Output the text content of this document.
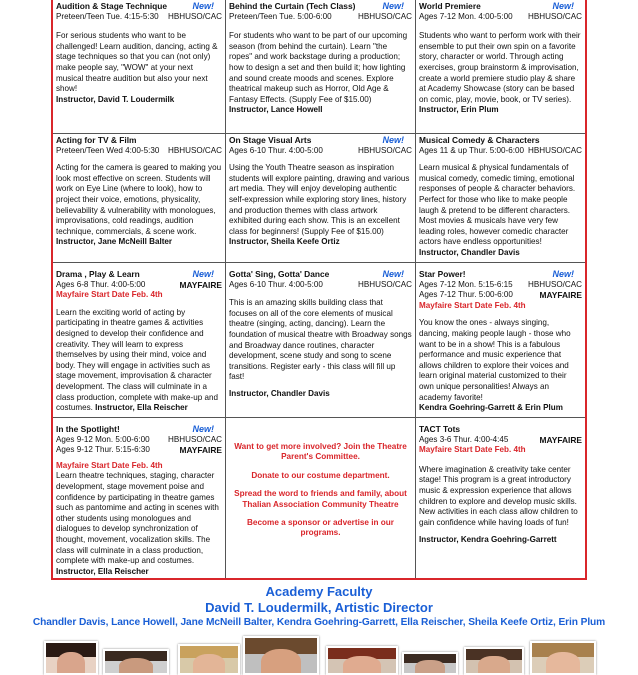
New!
Audition & Stage Technique
Preteen/Teen Tue. 4:15-5:30 HBHUSO/CAC
For serious students who want to be challenged! Learn audition, dancing, acting & stage techniques so that you can (not only) make people say, "WOW" at your next musical theatre audition but also your next show!
Instructor, David T. Loudermilk
New!
Behind the Curtain (Tech Class)
Preteen/Teen Tue. 5:00-6:00	HBHUSO/CAC
For students who want to be part of our upcoming season (from behind the curtain). Learn "the ropes" and work backstage during a production; how to design a set and then build it; how lighting and sound create moods and scenes. Explore theatrical makeup such as Horror, Old Age & Fantasy Effects. (Supply Fee of $15.00)
Instructor, Lance Howell
New!
World Premiere
Ages 7-12 Mon. 4:00-5:00 HBHUSO/CAC
Students who want to perform work with their ensemble to put their own spin on a favorite story, character or world. Through acting exercises, group brainstorm & improvisation, create a world premiere studio play & share at Academy Showcase (story can be based on comic, play, movie, book, or TV series).
Instructor, Erin Plum
Acting for TV & Film
Preteen/Teen Wed 4:00-5:30 HBHUSO/CAC
Acting for the camera is geared to making you look most effective on screen. Students will work on Eye Line (where to look), how to project their voice, emotions, physicality, believability & vulnerability with monologues, improvisations, cold readings, audition technique, commercials, & scene work.
Instructor, Jane McNeill Balter
New!
On Stage Visual Arts
Ages 6-10 Thur. 4:00-5:00	HBHUSO/CAC
Using the Youth Theatre season as inspiration students will explore painting, drawing and various art media. They will enjoy developing authentic self-expression while exploring story lines, history and production themes with class artwork exhibited during each show. This is an excellent class for beginners! (Supply Fee of $15.00)
Instructor, Sheila Keefe Ortiz
Musical Comedy & Characters
Ages 11 & up Thur. 5:00-6:00 HBHUSO/CAC
Learn musical & physical fundamentals of musical comedy, comedic timing, emotional responses of people & character behaviors. Perfect for those who like to make people laugh & pretend to be different characters. Most movies & musicals have very few leading roles, however comedic character actors have endless opportunities!
Instructor, Chandler Davis
New!
Drama , Play & Learn
Ages 6-8 Thur. 4:00-5:00	MAYFAIRE
Mayfaire Start Date Feb. 4th
Learn the exciting world of acting by participating in theatre games & activities designed to develop their confidence and creativity. They will learn to express themselves by using their mind, voice and body. They will engage in activities such as stage movement, improvisation & character development. The class will culminate in a class production, complete with make-up and costumes. Instructor, Ella Reischer
New!
Gotta' Sing, Gotta' Dance
Ages 6-10 Thur. 4:00-5:00	HBHUSO/CAC
This is an amazing skills building class that focuses on all of the core elements of musical theatre (singing, acting, dancing). Learn the foundation of musical theatre with Broadway songs and Broadway dance routines, character development, scene study and song to scene transitions. Register early - this class will fill up fast!
Instructor, Chandler Davis
New!
Star Power!
Ages 7-12 Mon. 5:15-6:15 HBHUSO/CAC
Ages 7-12 Thur. 5:00-6:00	MAYFAIRE
Mayfaire Start Date Feb. 4th
You know the ones - always singing, dancing, making people laugh - those who want to be in a show! This is a fabulous performance and music experience that allows children to explore their voices and learn original material customized to their own unique personalities! Always an academy favorite!
Kendra Goehring-Garrett & Erin Plum
New!
In the Spotlight!
Ages 9-12 Mon. 5:00-6:00 HBHUSO/CAC
Ages 9-12 Thur. 5:15-6:30	MAYFAIRE
Mayfaire Start Date Feb. 4th
Learn theatre techniques, staging, character development, stage movement poise and confidence by participating in theatre games such as pantomime and acting in scenes with other students using monologues and dialogues to develop synchronization of thought, movement, vocalization skills. The class will culminate in a class production, complete with make-up and costumes.
Instructor, Ella Reischer

Want to get more involved? Join the Theatre Parent's Committee.

Donate to our costume department.

Spread the word to friends and family, about Thalian Association Community Theatre

Become a sponsor or advertise in our programs.

TACT Tots
Ages 3-6 Thur. 4:00-4:45	MAYFAIRE
Mayfaire Start Date Feb. 4th
Where imagination & creativity take center stage! This program is a great introductory music & expression experience that allows children to explore and develop music skills. New activities in each class allow children to gain confidence while having loads of fun!
Instructor, Kendra Goehring-Garrett
Academy Faculty
David T. Loudermilk, Artistic Director
Chandler Davis, Lance Howell, Jane McNeill Balter, Kendra Goehring-Garrett, Ella Reischer, Sheila Keefe Ortiz, Erin Plum
